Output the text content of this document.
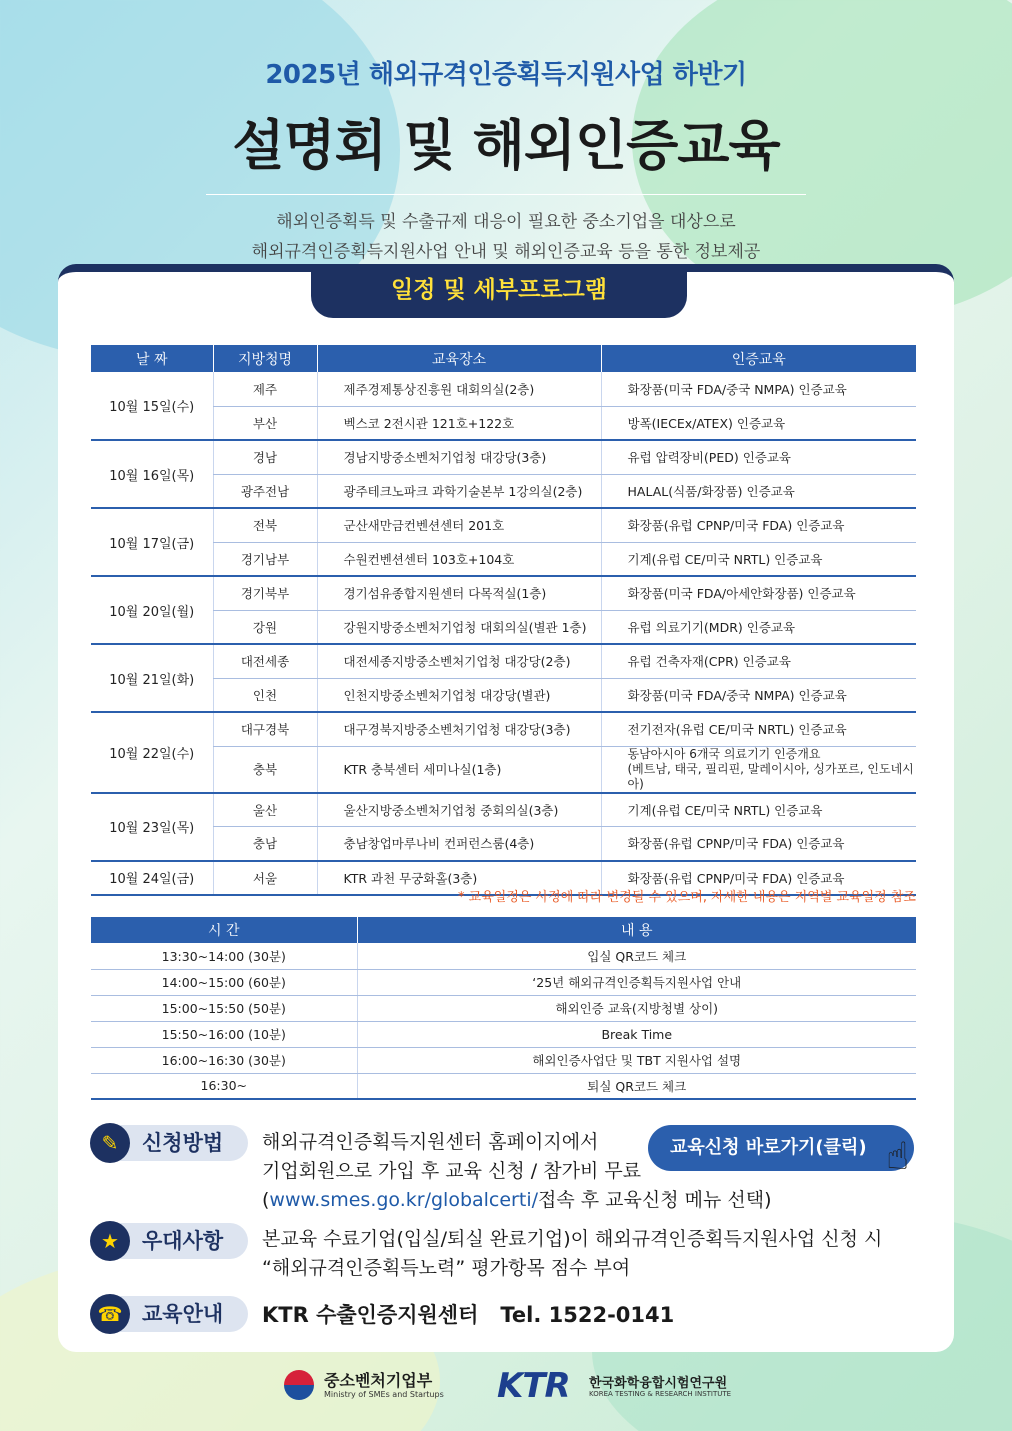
2025년 해외규격인증획득지원사업 하반기
설명회 및 해외인증교육
해외인증획득 및 수출규제 대응이 필요한 중소기업을 대상으로
해외규격인증획득지원사업 안내 및 해외인증교육 등을 통한 정보제공
일정 및 세부프로그램
날 짜	지방청명	교육장소	인증교육
10월 15일(수)	제주	제주경제통상진흥원 대회의실(2층)	화장품(미국 FDA/중국 NMPA) 인증교육
	부산	벡스코 2전시관 121호+122호	방폭(IECEx/ATEX) 인증교육
10월 16일(목)	경남	경남지방중소벤처기업청 대강당(3층)	유럽 압력장비(PED) 인증교육
	광주전남	광주테크노파크 과학기술본부 1강의실(2층)	HALAL(식품/화장품) 인증교육
10월 17일(금)	전북	군산새만금컨벤션센터 201호	화장품(유럽 CPNP/미국 FDA) 인증교육
	경기남부	수원컨벤션센터 103호+104호	기계(유럽 CE/미국 NRTL) 인증교육
10월 20일(월)	경기북부	경기섬유종합지원센터 다목적실(1층)	화장품(미국 FDA/아세안화장품) 인증교육
	강원	강원지방중소벤처기업청 대회의실(별관 1층)	유럽 의료기기(MDR) 인증교육
10월 21일(화)	대전세종	대전세종지방중소벤처기업청 대강당(2층)	유럽 건축자재(CPR) 인증교육
	인천	인천지방중소벤처기업청 대강당(별관)	화장품(미국 FDA/중국 NMPA) 인증교육
10월 22일(수)	대구경북	대구경북지방중소벤처기업청 대강당(3층)	전기전자(유럽 CE/미국 NRTL) 인증교육
	충북	KTR 충북센터 세미나실(1층)	동남아시아 6개국 의료기기 인증개요
(베트남, 태국, 필리핀, 말레이시아, 싱가포르, 인도네시아)

10월 23일(목)	울산	울산지방중소벤처기업청 중회의실(3층)	기계(유럽 CE/미국 NRTL) 인증교육
	충남	충남창업마루나비 컨퍼런스룸(4층)	화장품(유럽 CPNP/미국 FDA) 인증교육
10월 24일(금)	서울	KTR 과천 무궁화홀(3층)	화장품(유럽 CPNP/미국 FDA) 인증교육
* 교육일정은 사정에 따라 변경될 수 있으며, 자세한 내용은 지역별 교육일정 참조
시 간	내 용
13:30~14:00 (30분)	입실 QR코드 체크
14:00~15:00 (60분)	‘25년 해외규격인증획득지원사업 안내
15:00~15:50 (50분)	해외인증 교육(지방청별 상이)
15:50~16:00 (10분)	Break Time
16:00~16:30 (30분)	해외인증사업단 및 TBT 지원사업 설명
16:30~	퇴실 QR코드 체크
✎	신청방법 해외규격인증획득지원센터 홈페이지에서
기업회원으로 가입 후 교육 신청 / 참가비 무료
(www.smes.go.kr/globalcerti/접속 후 교육신청 메뉴 선택)
교육신청 바로가기(클릭) ☝
★	우대사항 본교육 수료기업(입실/퇴실 완료기업)이 해외규격인증획득지원사업 신청 시
“해외규격인증획득노력” 평가항목 점수 부여
☎ 교육안내 KTR 수출인증지원센터 Tel. 1522-0141
중소벤처기업부
Ministry of SMEs and Startups KTR 한국화학융합시험연구원
KOREA TESTING & RESEARCH INSTITUTE
